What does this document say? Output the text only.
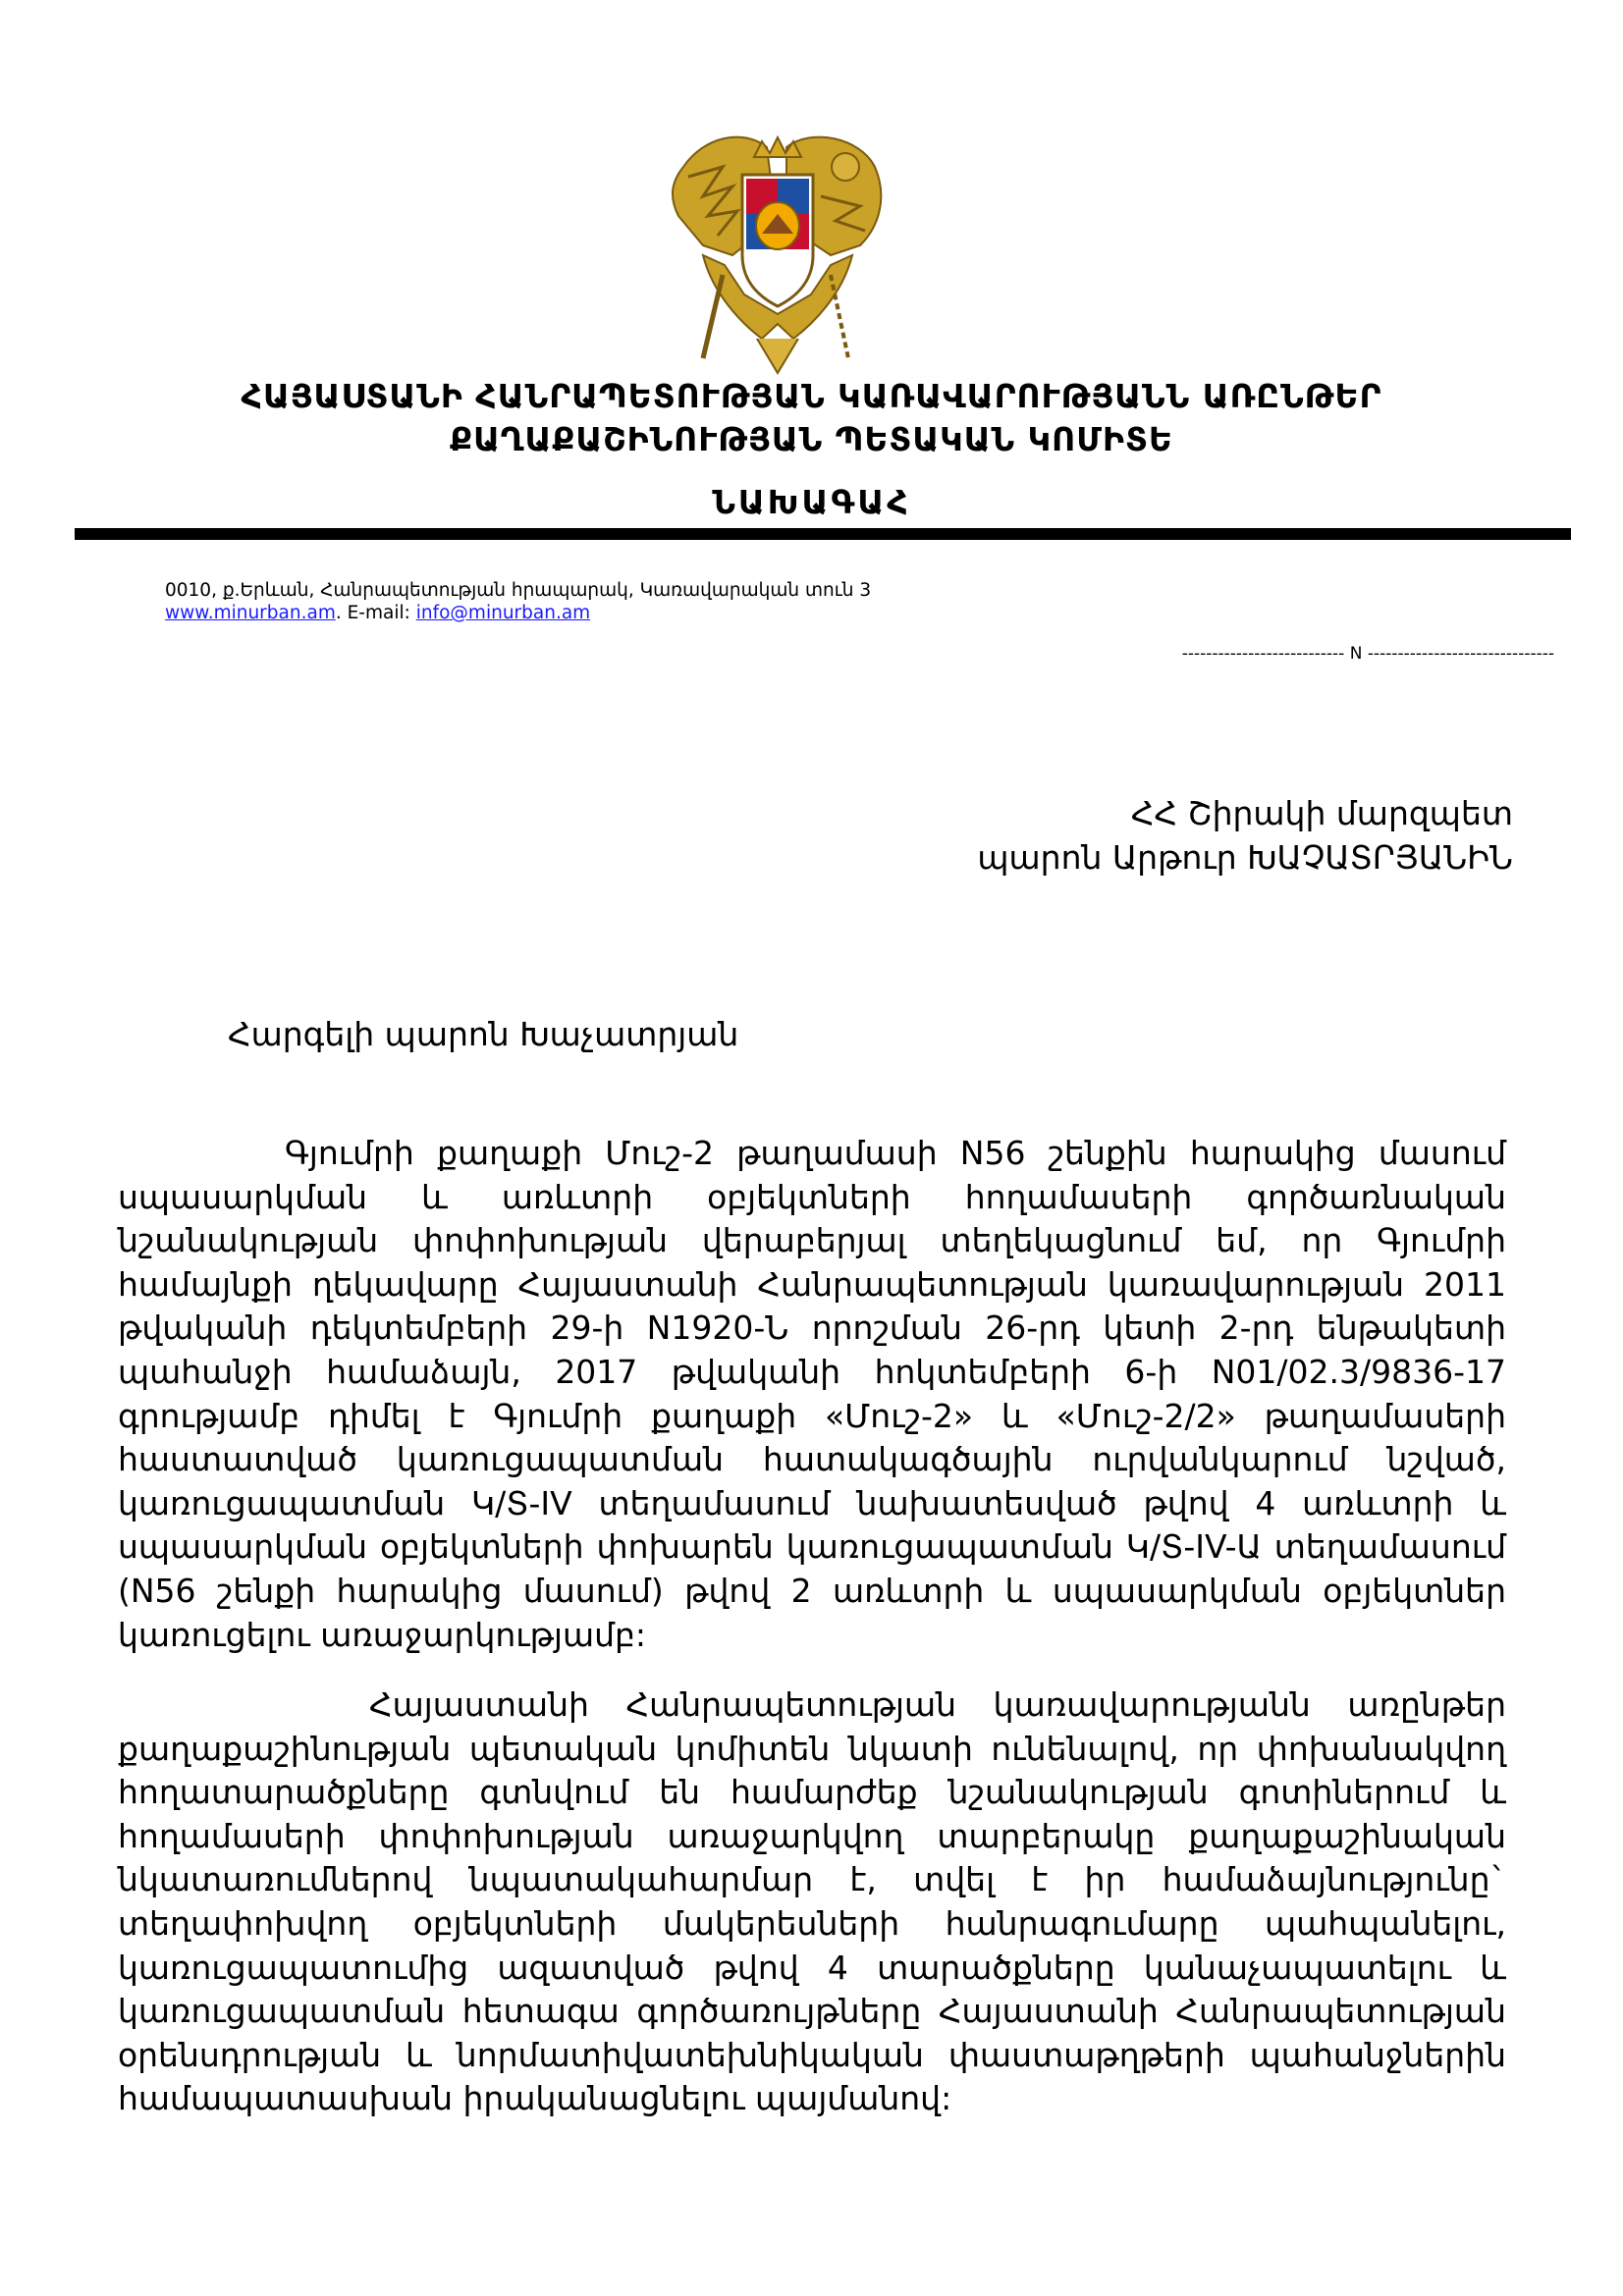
ՀԱՅԱՍՏԱՆԻ ՀԱՆՐԱՊԵՏՈՒԹՅԱՆ ԿԱՌԱՎԱՐՈՒԹՅԱՆՆ ԱՌԸՆԹԵՐ
ՔԱՂԱՔԱՇԻՆՈՒԹՅԱՆ ՊԵՏԱԿԱՆ ԿՈՄԻՏԵ
ՆԱԽԱԳԱՀ
0010, ք.Երևան, Հանրապետության հրապարակ, Կառավարական տուն 3
www.minurban.am. E-mail: info@minurban.am
--------------------------- N -------------------------------
ՀՀ Շիրակի մարզպետ
պարոն Արթուր ԽԱՉԱՏՐՅԱՆԻՆ
Հարգելի պարոն Խաչատրյան

Գյումրի քաղաքի Մուշ-2 թաղամասի N56 շենքին հարակից մասում սպասարկման և առևտրի օբյեկտների հողամասերի գործառնական նշանակության փոփոխության վերաբերյալ տեղեկացնում եմ, որ Գյումրի համայնքի ղեկավարը Հայաստանի Հանրապետության կառավարության 2011 թվականի դեկտեմբերի 29-ի N1920-Ն որոշման 26-րդ կետի 2-րդ ենթակետի պահանջի համաձայն, 2017 թվականի հոկտեմբերի 6-ի N01/02.3/9836-17 գրությամբ դիմել է Գյումրի քաղաքի «Մուշ-2» և «Մուշ-2/2» թաղամասերի հաստատված կառուցապատման հատակագծային ուրվանկարում նշված, կառուցապատման Կ/Տ-IV տեղամասում նախատեսված թվով 4 առևտրի և սպասարկման օբյեկտների փոխարեն կառուցապատման Կ/Տ-IV-Ա տեղամասում (N56 շենքի հարակից մասում) թվով 2 առևտրի և սպասարկման օբյեկտներ կառուցելու առաջարկությամբ:

Հայաստանի Հանրապետության կառավարությանն առընթեր քաղաքաշինության պետական կոմիտեն նկատի ունենալով, որ փոխանակվող հողատարածքները գտնվում են համարժեք նշանակության գոտիներում և հողամասերի փոփոխության առաջարկվող տարբերակը քաղաքաշինական նկատառումներով նպատակահարմար է, տվել է իր համաձայնությունը` տեղափոխվող օբյեկտների մակերեսների հանրագումարը պահպանելու, կառուցապատումից ազատված թվով 4 տարածքները կանաչապատելու և կառուցապատման հետագա գործառույթները Հայաստանի Հանրապետության օրենսդրության և նորմատիվատեխնիկական փաստաթղթերի պահանջներին համապատասխան իրականացնելու պայմանով:
